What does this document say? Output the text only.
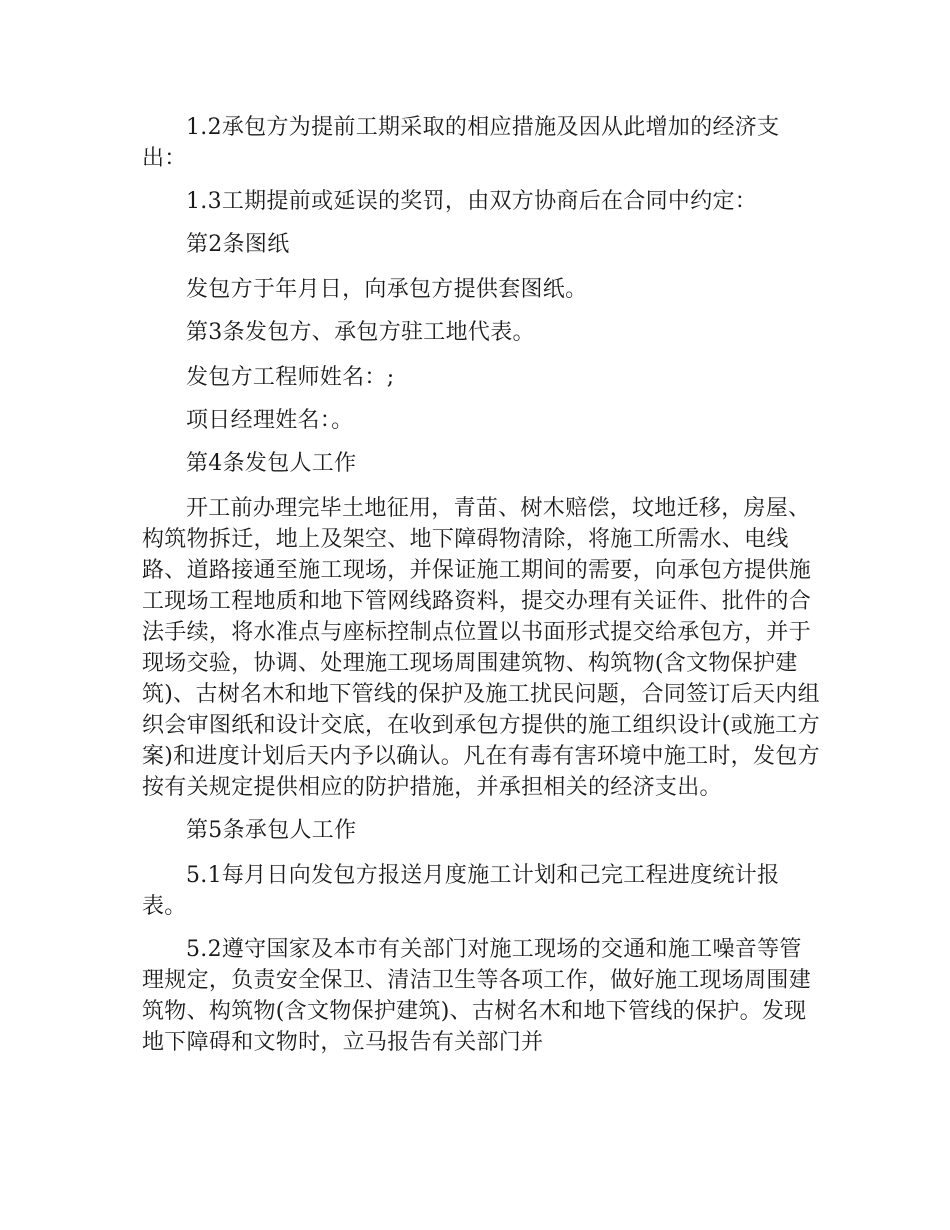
1.2承包方为提前工期采取的相应措施及因从此增加的经济支出：

1.3工期提前或延误的奖罚，由双方协商后在合同中约定：

第2条图纸

发包方于年月日，向承包方提供套图纸。

第3条发包方、承包方驻工地代表。

发包方工程师姓名：;

项日经理姓名：。

第4条发包人工作

开工前办理完毕土地征用，青苗、树木赔偿，坟地迁移，房屋、构筑物拆迁，地上及架空、地下障碍物清除，将施工所需水、电线路、道路接通至施工现场，并保证施工期间的需要，向承包方提供施工现场工程地质和地下管网线路资料，提交办理有关证件、批件的合法手续，将水准点与座标控制点位置以书面形式提交给承包方，并于现场交验，协调、处理施工现场周围建筑物、构筑物(含文物保护建筑)、古树名木和地下管线的保护及施工扰民问题，合同签订后天内组织会审图纸和设计交底，在收到承包方提供的施工组织设计(或施工方案)和进度计划后天内予以确认。凡在有毒有害环境中施工时，发包方按有关规定提供相应的防护措施，并承担相关的经济支出。

第5条承包人工作

5.1每月日向发包方报送月度施工计划和己完工程进度统计报表。

5.2遵守国家及本市有关部门对施工现场的交通和施工噪音等管理规定，负责安全保卫、清洁卫生等各项工作，做好施工现场周围建筑物、构筑物(含文物保护建筑)、古树名木和地下管线的保护。发现地下障碍和文物时，立马报告有关部门并
